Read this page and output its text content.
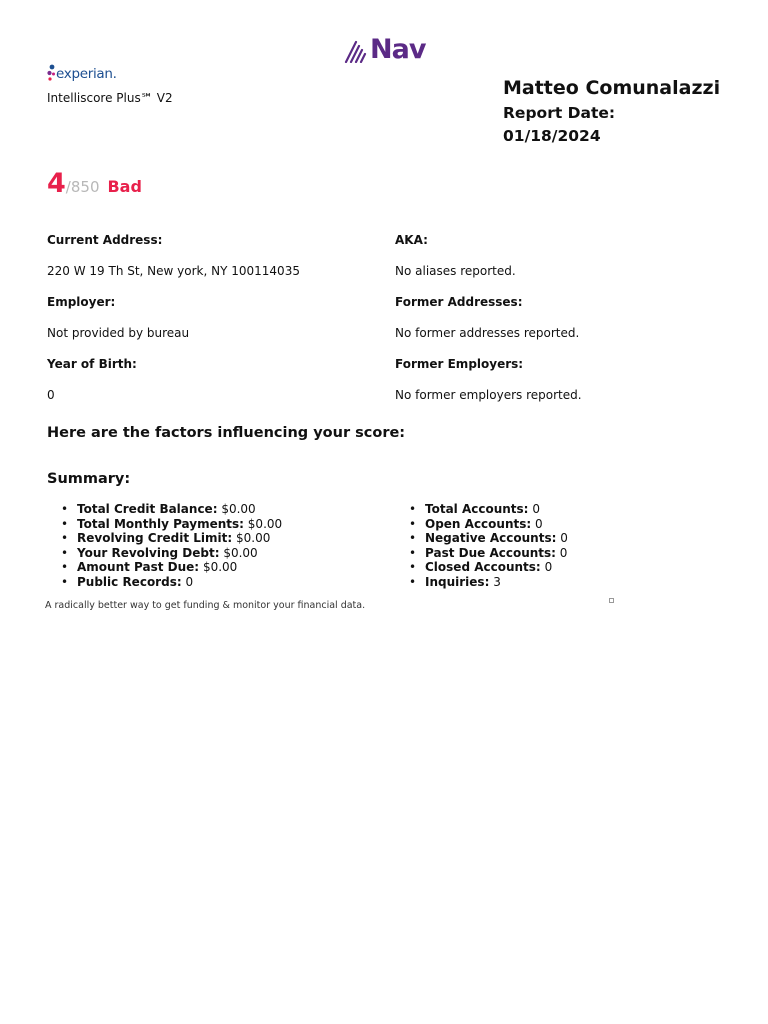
Nav
experian.
Intelliscore Plus℠ V2	Matteo Comunalazzi
Report Date:
01/18/2024
4 /850 Bad
Current Address:
220 W 19 Th St, New york, NY 100114035
Employer:
Not provided by bureau
Year of Birth:
0
AKA:
No aliases reported.
Former Addresses:
No former addresses reported.
Former Employers:
No former employers reported.
Here are the factors influencing your score:
Summary:
• Total Credit Balance: $0.00
• Total Monthly Payments: $0.00
• Revolving Credit Limit: $0.00
• Your Revolving Debt: $0.00
• Amount Past Due: $0.00
• Public Records: 0
• Total Accounts: 0
• Open Accounts: 0
• Negative Accounts: 0
• Past Due Accounts: 0
• Closed Accounts: 0
• Inquiries: 3
A radically better way to get funding & monitor your financial data.
